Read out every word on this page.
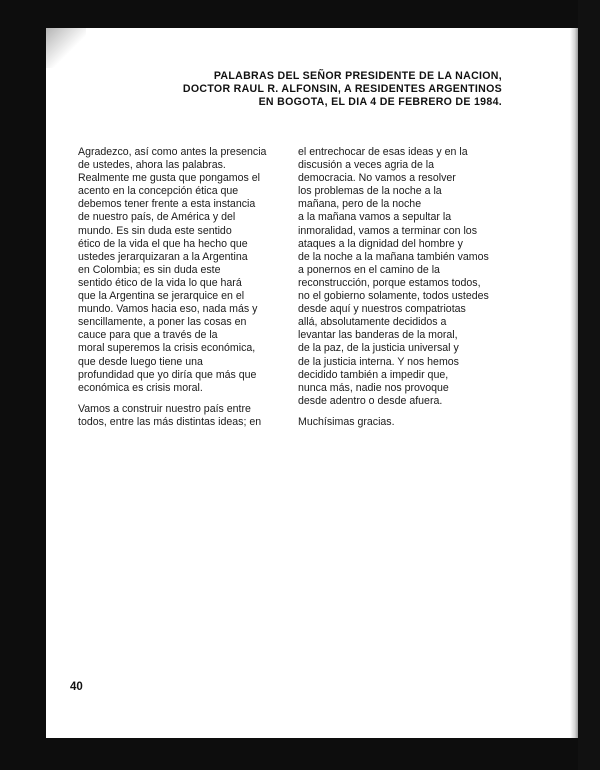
PALABRAS DEL SEÑOR PRESIDENTE DE LA NACION,
DOCTOR RAUL R. ALFONSIN, A RESIDENTES ARGENTINOS
EN BOGOTA, EL DIA 4 DE FEBRERO DE 1984.

Agradezco, así como antes la presencia
de ustedes, ahora las palabras.
Realmente me gusta que pongamos el
acento en la concepción ética que
debemos tener frente a esta instancia
de nuestro país, de América y del
mundo. Es sin duda este sentido
ético de la vida el que ha hecho que
ustedes jerarquizaran a la Argentina
en Colombia; es sin duda este
sentido ético de la vida lo que hará
que la Argentina se jerarquice en el
mundo. Vamos hacia eso, nada más y
sencillamente, a poner las cosas en
cauce para que a través de la
moral superemos la crisis económica,
que desde luego tiene una
profundidad que yo diría que más que
económica es crisis moral.

Vamos a construir nuestro país entre
todos, entre las más distintas ideas; en

el entrechocar de esas ideas y en la
discusión a veces agria de la
democracia. No vamos a resolver
los problemas de la noche a la
mañana, pero de la noche
a la mañana vamos a sepultar la
inmoralidad, vamos a terminar con los
ataques a la dignidad del hombre y
de la noche a la mañana también vamos
a ponernos en el camino de la
reconstrucción, porque estamos todos,
no el gobierno solamente, todos ustedes
desde aquí y nuestros compatriotas
allá, absolutamente decididos a
levantar las banderas de la moral,
de la paz, de la justicia universal y
de la justicia interna. Y nos hemos
decidido también a impedir que,
nunca más, nadie nos provoque
desde adentro o desde afuera.

Muchísimas gracias.

40
